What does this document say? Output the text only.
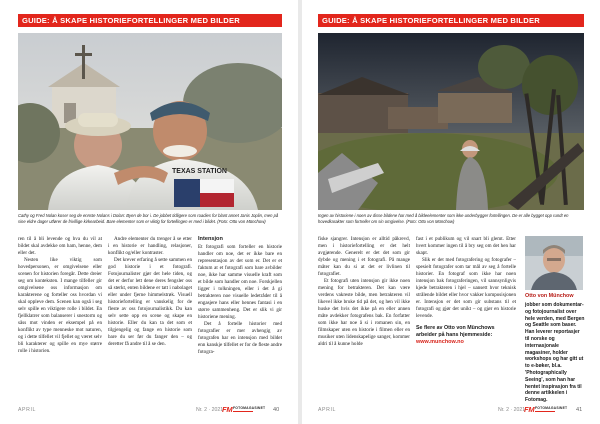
GUIDE: Å SKAPE HISTORIEFORTELLINGER MED BILDER
TEXAS STATION
Cathy og Fred Nolan koser seg de ennste Nolans i Dolan: Byen de bor i. De jobbet tidligere som roadies for blant annet Janis Joplin, men på sine eldre dager utfører de frivillige kirkearbeid. Bare elementer som er viktig for fortellingen er med i bildet. (Foto: Otto von Münchow)

ren til å bli levende og hva du vil at bildet skal avdekke om ham, henne, dem eller det.

Nesten like viktig som hovedpersonen, er omgivelsene eller scenen for historien foregår. Dette dreier seg om konteksten. I mange tilfeller gir omgivelsene oss informasjon om karakterene og forteller oss hvordan vi skal oppleve dem. Scenen kan også i seg selv spille en viktigere rolle i bildet. En fjellklatrer som balanserer i snestorm og såss mot vinden er eksempel på en konflikt av type menneske mot naturen, og i dette tilfellet vil fjellet og været selv bli karakterer og spille en mye større rolle i historien.

Andre elementer du trenger å se etter i en historie er handling, relasjoner, konflikt og/eller kontraster.

Det krever erfaring å sette sammen en god historie i et fotografi. Fotojournalister gjør det hele tiden, og det er derfor lett dene deres fengsler oss så sterkt, enten bildene er tatt i nabolaget eller under fjerne himmelstrøk. Visuell historiefortelling er vanskelig for de fleste av oss fotojournalistikk. Du kan selv sette opp en scene og skape en historie. Eller du kan ta det som et tilgjengelig og fange en historie som bare du ser før du fanger den – og deretter få andre til å se den.

Intensjon

Et fotografi som forteller en historie handler om noe, det er ikke bare en representasjon av det som er. Det er et faktum at et fotografi som bare avbilder noe, ikke har samme visuelle kraft som et bilde som handler om noe. Forskjellen ligger i tolkningen, eller i det å gi betrakteren noe visuelle ledetråder til å engasjere hans eller hennes fantasi i en større sammenheng. Det er slik vi gir historiene mening.

Det å fortelle historier med fotografier er mer avhengig av fotografen har en intensjon med bildet enn kanskje tilfellet er for de fleste andre fotogra-

APRIL	Nr. 2 · 2021
FM FOTOMAGASINET 40
GUIDE: Å SKAPE HISTORIEFORTELLINGER MED BILDER
Ingen av historiene i noen av disse bildene har med å bildeelementer som ikke underbygger fortellingen. De er alle bygget opp rundt en hovedkarakter som fortreller om sin omgivelse. (Foto: Otto von Münchow)

fiske sjangrer. Intensjon er alltid påkrevd, men i historiefortelling er det helt avgjørende. Generelt er det det som gir dybde og mening i et fotografi. På mange måter kan du si at det er livlinen til fotografiet.

Et fotografi uten intensjon gir ikke noen mening for betrakteren. Det kan være verdens vakreste bilde, men betrakteren vil likevel ikke bruke tid på det, og hen vil ikke huske det hvis det ikke på en eller annen måte avdekker fotografens bak. En forfatter som ikke har noe å si i romanen sin, en filmskaper uten en historie i filmen eller en musiker uten lidenskapelige sanger, kommer aldri til å kunne holde

fast i et publikum og vil snart bli glemt. Etter hvert kommer ingen til å bry seg om det hen har skapt.

Slik er det med fotografering og fotografer – spesielt fotografer som tar mål av seg å fortelle historier. En fotograf som ikke har noen intensjon bak fotograferingen, vil sannsynligvis kjede betrakteren i hjel – uansett hvor teknisk strålende bildet eller hvor vakker komposisjonen er. Intensjon er det som gir substans til et fotografi og gjør det unikt – og gjør en historie levende.

Se flere av Otto von Münchows arbeider på hans hjemmeside:

www.munchow.no

Otto von Münchow
jobber som dokumentar- og fotojournalist over hele verden, med Bergen og Seattle som baser. Han leverer reportasjer til norske og internasjonale magasiner, holder workshops og har gitt ut to e-bøker, bl.a. 'Photographically Seeing', som han har hentet inspirasjon fra til denne artikkelen i Fotomag.
APRIL	Nr. 2 · 2021
FM FOTOMAGASINET 41
